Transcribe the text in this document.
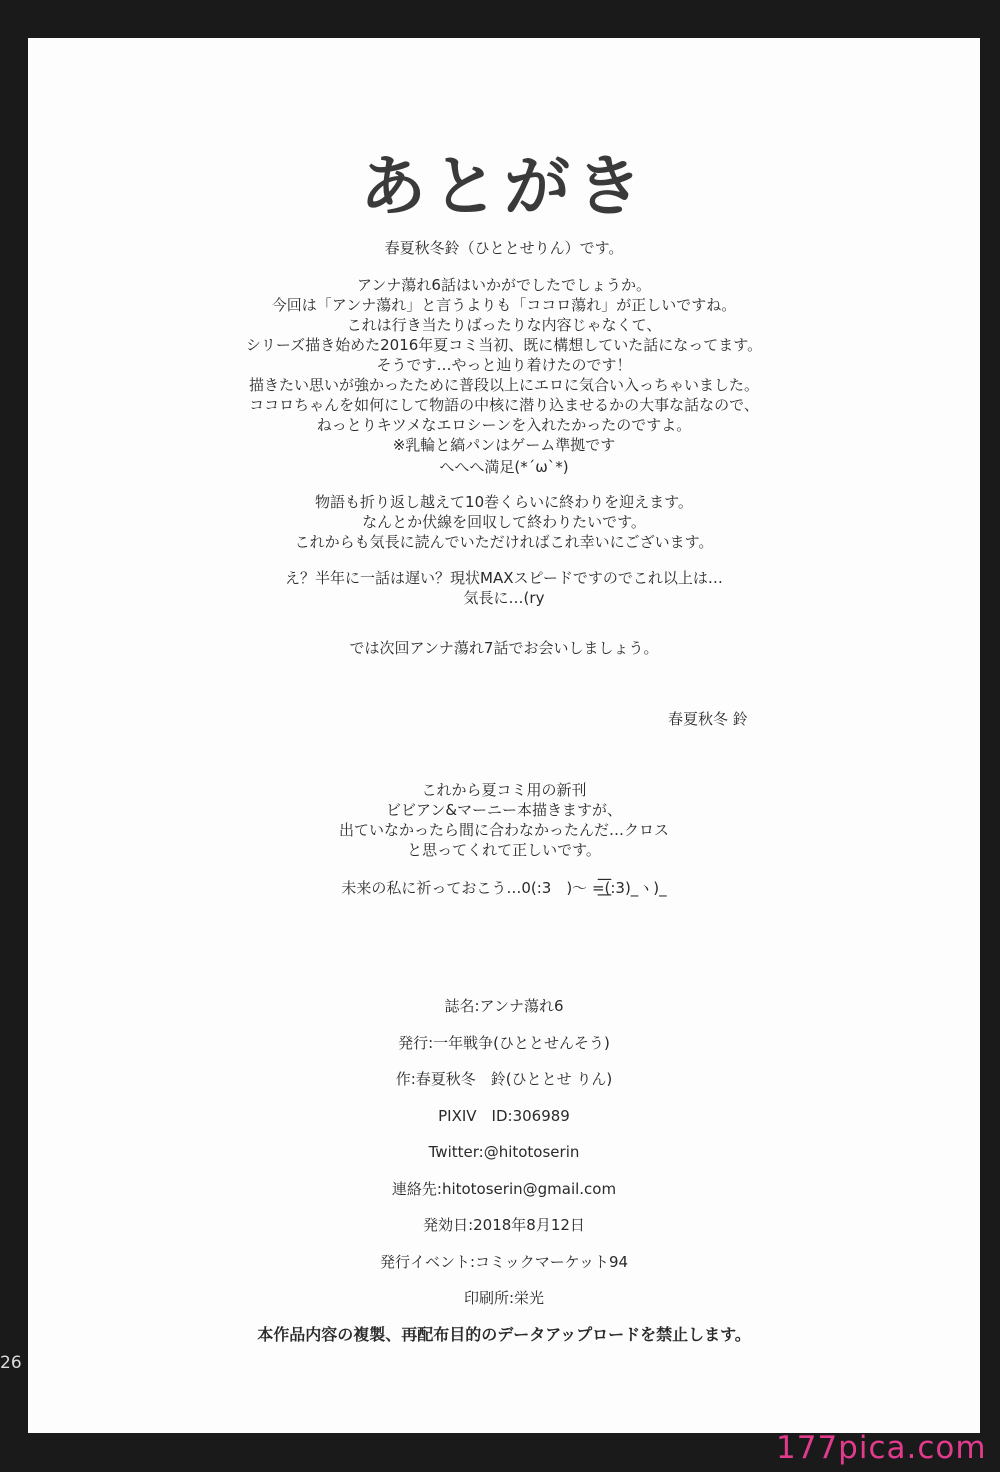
あとがき

春夏秋冬鈴（ひととせりん）です。

アンナ蕩れ6話はいかがでしたでしょうか。

今回は「アンナ蕩れ」と言うよりも「ココロ蕩れ」が正しいですね。

これは行き当たりばったりな内容じゃなくて、

シリーズ描き始めた2016年夏コミ当初、既に構想していた話になってます。

そうです…やっと辿り着けたのです！

描きたい思いが強かったために普段以上にエロに気合い入っちゃいました。

ココロちゃんを如何にして物語の中核に潜り込ませるかの大事な話なので、

ねっとりキツメなエロシーンを入れたかったのですよ。

※乳輪と縞パンはゲーム準拠です

へへへ満足(*´ω`*)

物語も折り返し越えて10巻くらいに終わりを迎えます。

なんとか伏線を回収して終わりたいです。

これからも気長に読んでいただければこれ幸いにございます。

え？半年に一話は遅い？現状MAXスピードですのでこれ以上は…

気長に…(ry

では次回アンナ蕩れ7話でお会いしましょう。

春夏秋冬 鈴

これから夏コミ用の新刊

ビビアン&マーニー本描きますが、

出ていなかったら間に合わなかったんだ…クロス

と思ってくれて正しいです。

未来の私に祈っておこう…0(:3　)〜 =͟͟͞͞(:3)_ヽ)_

誌名:アンナ蕩れ6
発行:一年戦争(ひととせんそう)
作:春夏秋冬　鈴(ひととせ りん)
PIXIV　ID:306989
Twitter:@hitotoserin
連絡先:hitotoserin@gmail.com
発効日:2018年8月12日
発行イベント:コミックマーケット94
印刷所:栄光
本作品内容の複製、再配布目的のデータアップロードを禁止します。
26
177pica.com
